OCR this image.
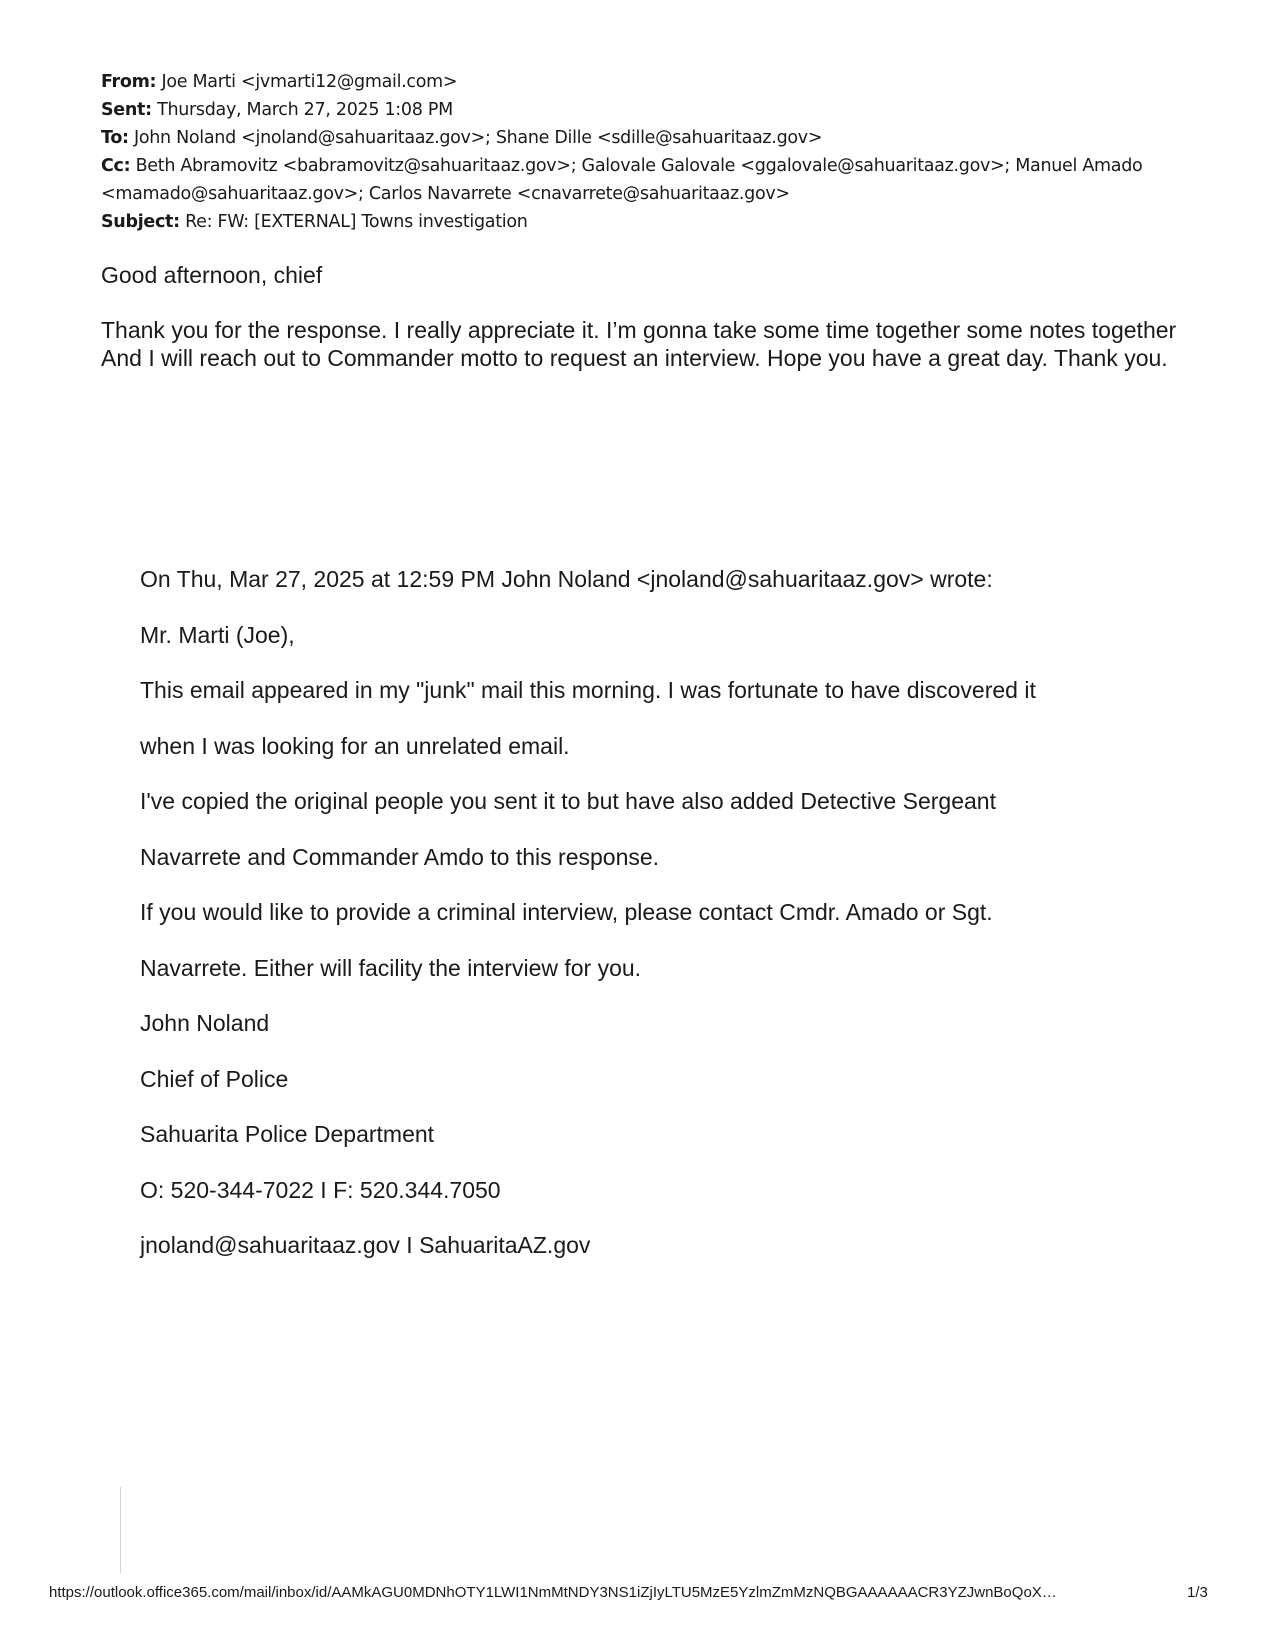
From: Joe Marti <jvmarti12@gmail.com>
Sent: Thursday, March 27, 2025 1:08 PM
To: John Noland <jnoland@sahuaritaaz.gov>; Shane Dille <sdille@sahuaritaaz.gov>
Cc: Beth Abramovitz <babramovitz@sahuaritaaz.gov>; Galovale Galovale <ggalovale@sahuaritaaz.gov>; Manuel Amado <mamado@sahuaritaaz.gov>; Carlos Navarrete <cnavarrete@sahuaritaaz.gov>
Subject: Re: FW: [EXTERNAL] Towns investigation
Good afternoon, chief
Thank you for the response. I really appreciate it. I’m gonna take some time together some notes together And I will reach out to Commander motto to request an interview. Hope you have a great day. Thank you.
On Thu, Mar 27, 2025 at 12:59 PM John Noland <jnoland@sahuaritaaz.gov> wrote:
Mr. Marti (Joe),
This email appeared in my "junk" mail this morning. I was fortunate to have discovered it
when I was looking for an unrelated email.
I've copied the original people you sent it to but have also added Detective Sergeant
Navarrete and Commander Amdo to this response.
If you would like to provide a criminal interview, please contact Cmdr. Amado or Sgt.
Navarrete. Either will facility the interview for you.
John Noland
Chief of Police
Sahuarita Police Department
O: 520-344-7022 I F: 520.344.7050
jnoland@sahuaritaaz.gov I SahuaritaAZ.gov
https://outlook.office365.com/mail/inbox/id/AAMkAGU0MDNhOTY1LWI1NmMtNDY3NS1iZjIyLTU5MzE5YzlmZmMzNQBGAAAAAACR3YZJwnBoQoX…	1/3
